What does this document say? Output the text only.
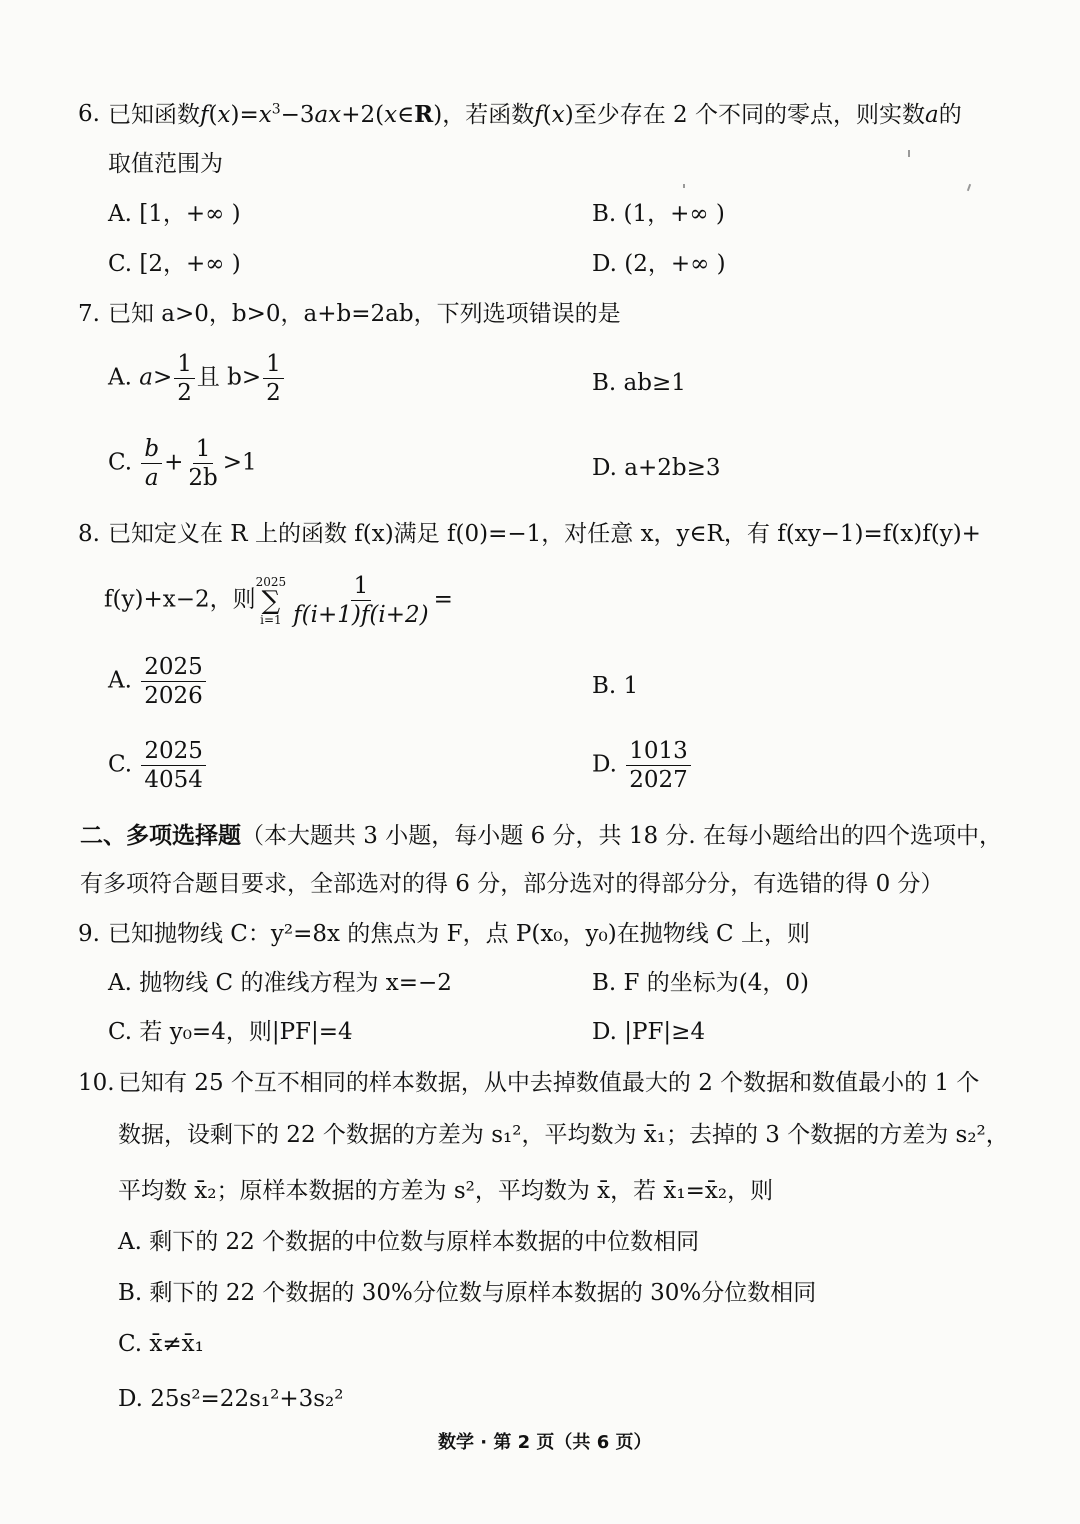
6. 已知函数$f(x)=x^3-3ax+2(x\in R)$，若函数f(x)至少存在 2 个不同的零点，则实数a的
取值范围为
A. [1，+∞ )	B. (1，+∞ )
C. [2，+∞ )	D. (2，+∞ )
7. 已知 a>0，b>0，a+b=2ab，下列选项错误的是
A. $a> \frac{1}{2}$ 且 $b> \frac{1}{2}$	B. ab≥1
C. $\frac{b}{a} + \frac{1}{2b} >1$	D. a+2b≥3
8. 已知定义在 R 上的函数 f(x)满足 f(0)=−1，对任意 x，y∈R，有 f(xy−1)=f(x)f(y)+
f(y)+x−2，则
2025
∑
$i=1 \frac{1}{f(i+1)f(i+2)}$ =
A. $\frac{2025}{2026}$	B. 1
C. $\frac{2025}{4054}$	D. $\frac{1013}{2027}$
二、多项选择题（本大题共 3 小题，每小题 6 分，共 18 分. 在每小题给出的四个选项中，
有多项符合题目要求，全部选对的得 6 分，部分选对的得部分分，有选错的得 0 分）
9. 已知抛物线 C：y²=8x 的焦点为 F，点 P(x₀，y₀)在抛物线 C 上，则
A. 抛物线 C 的准线方程为 x=−2	B. F 的坐标为(4，0)
C. 若 y₀=4，则|PF|=4	D. |PF|≥4
10. 已知有 25 个互不相同的样本数据，从中去掉数值最大的 2 个数据和数值最小的 1 个
数据，设剩下的 22 个数据的方差为 s₁²，平均数为 x̄₁；去掉的 3 个数据的方差为 s₂²，
平均数 x̄₂；原样本数据的方差为 s²，平均数为 x̄，若 x̄₁=x̄₂，则
A. 剩下的 22 个数据的中位数与原样本数据的中位数相同
B. 剩下的 22 个数据的 30%分位数与原样本数据的 30%分位数相同
C. x̄≠x̄₁
D. 25s²=22s₁²+3s₂²
数学 · 第 2 页（共 6 页）
